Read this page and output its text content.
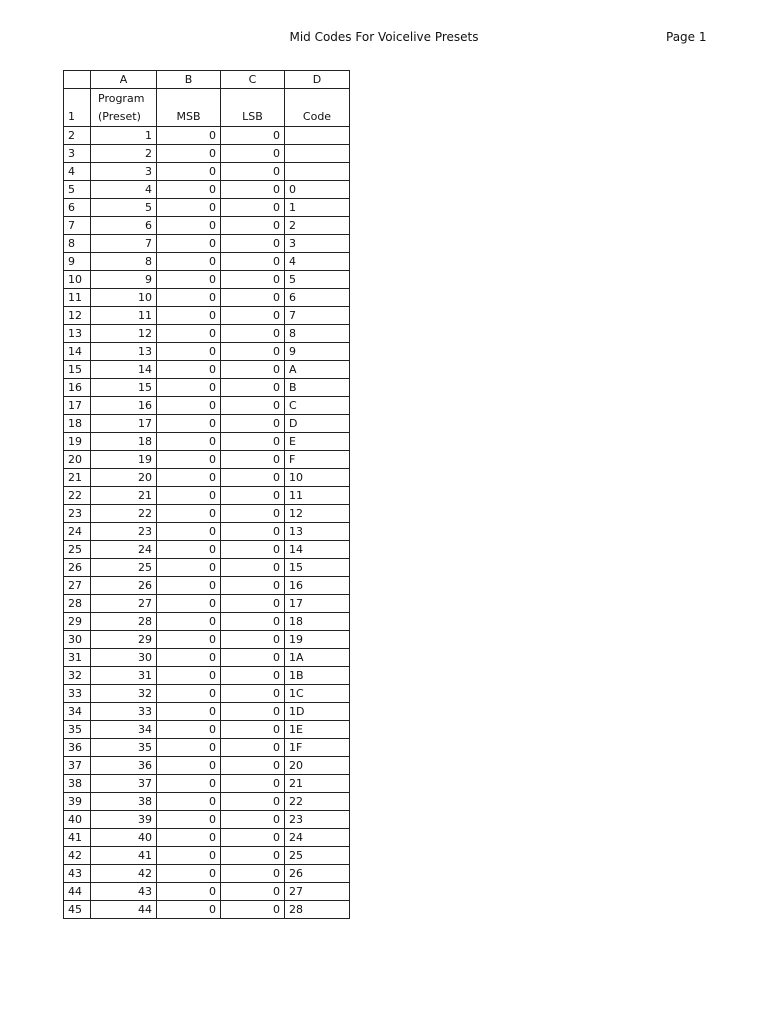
Mid Codes For Voicelive Presets	Page 1
	A	B	C	D
1	Program (Preset)	MSB	LSB	Code
2	1	0	0	
3	2	0	0	
4	3	0	0	
5	4	0	0	0
6	5	0	0	1
7	6	0	0	2
8	7	0	0	3
9	8	0	0	4
10	9	0	0	5
11	10	0	0	6
12	11	0	0	7
13	12	0	0	8
14	13	0	0	9
15	14	0	0	A
16	15	0	0	B
17	16	0	0	C
18	17	0	0	D
19	18	0	0	E
20	19	0	0	F
21	20	0	0	10
22	21	0	0	11
23	22	0	0	12
24	23	0	0	13
25	24	0	0	14
26	25	0	0	15
27	26	0	0	16
28	27	0	0	17
29	28	0	0	18
30	29	0	0	19
31	30	0	0	1A
32	31	0	0	1B
33	32	0	0	1C
34	33	0	0	1D
35	34	0	0	1E
36	35	0	0	1F
37	36	0	0	20
38	37	0	0	21
39	38	0	0	22
40	39	0	0	23
41	40	0	0	24
42	41	0	0	25
43	42	0	0	26
44	43	0	0	27
45	44	0	0	28
